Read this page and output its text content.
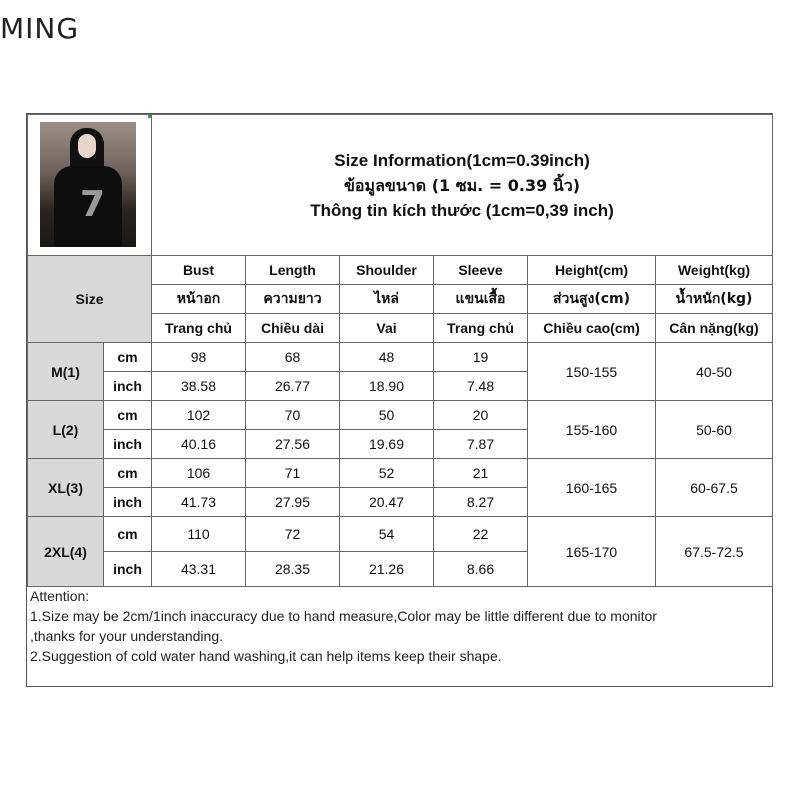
MING
7		Size Information(1cm=0.39inch)
ข้อมูลขนาด (1 ซม. = 0.39 นิ้ว)
Thông tin kích thước (1cm=0,39 inch)					

Size		Bust	Length	Shoulder	Sleeve	Height(cm)	Weight(kg)
		หน้าอก	ความยาว	ไหล่	แขนเสื้อ	ส่วนสูง(cm)	น้ำหนัก(kg)
		Trang chủ	Chiều dài	Vai	Trang chủ	Chiều cao(cm)	Cân nặng(kg)
M(1)	cm	98	68	48	19	150-155	40-50
	inch	38.58	26.77	18.90	7.48		
L(2)	cm	102	70	50	20	155-160	50-60
	inch	40.16	27.56	19.69	7.87		
XL(3)	cm	106	71	52	21	160-165	60-67.5
	inch	41.73	27.95	20.47	8.27		
2XL(4)	cm	110	72	54	22	165-170	67.5-72.5
	inch	43.31	28.35	21.26	8.66		
Attention:
1.Size may be 2cm/1inch inaccuracy due to hand measure,Color may be little different due to monitor
,thanks for your understanding.
2.Suggestion of cold water hand washing,it can help items keep their shape.
